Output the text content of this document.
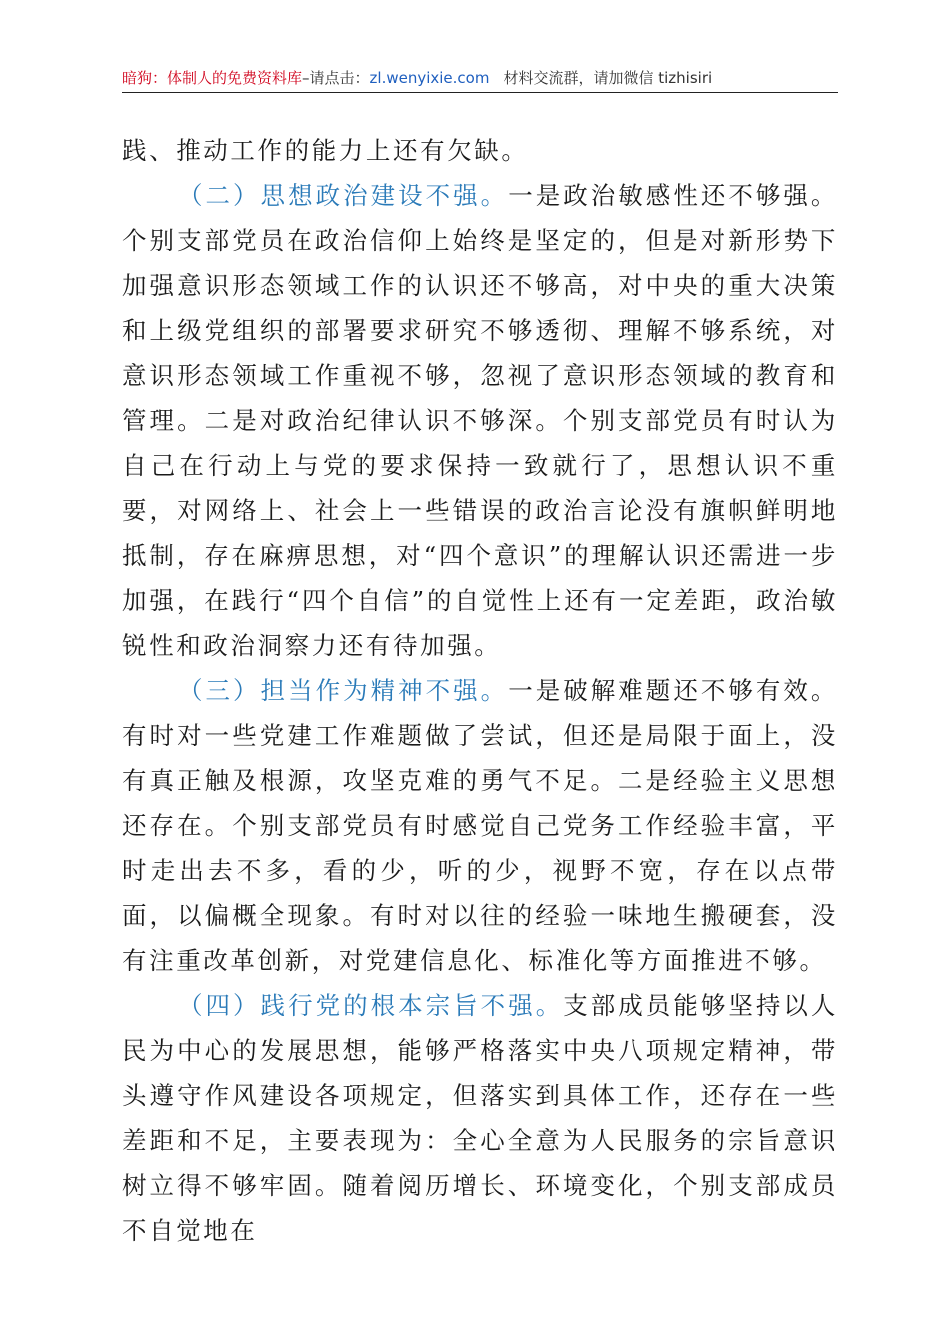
暗狗：体制人的免费资料库–请点击：zl.wenyixie.com 材料交流群，请加微信 tizhisiri

践、推动工作的能力上还有欠缺。

（二）思想政治建设不强。一是政治敏感性还不够强。个别支部党员在政治信仰上始终是坚定的，但是对新形势下加强意识形态领域工作的认识还不够高，对中央的重大决策和上级党组织的部署要求研究不够透彻、理解不够系统，对意识形态领域工作重视不够，忽视了意识形态领域的教育和管理。二是对政治纪律认识不够深。个别支部党员有时认为自己在行动上与党的要求保持一致就行了，思想认识不重要，对网络上、社会上一些错误的政治言论没有旗帜鲜明地抵制，存在麻痹思想，对“四个意识”的理解认识还需进一步加强，在践行“四个自信”的自觉性上还有一定差距，政治敏锐性和政治洞察力还有待加强。

（三）担当作为精神不强。一是破解难题还不够有效。有时对一些党建工作难题做了尝试，但还是局限于面上，没有真正触及根源，攻坚克难的勇气不足。二是经验主义思想还存在。个别支部党员有时感觉自己党务工作经验丰富，平时走出去不多，看的少，听的少，视野不宽，存在以点带面，以偏概全现象。有时对以往的经验一味地生搬硬套，没有注重改革创新，对党建信息化、标准化等方面推进不够。

（四）践行党的根本宗旨不强。支部成员能够坚持以人民为中心的发展思想，能够严格落实中央八项规定精神，带头遵守作风建设各项规定，但落实到具体工作，还存在一些差距和不足，主要表现为：全心全意为人民服务的宗旨意识树立得不够牢固。随着阅历增长、环境变化，个别支部成员不自觉地在
